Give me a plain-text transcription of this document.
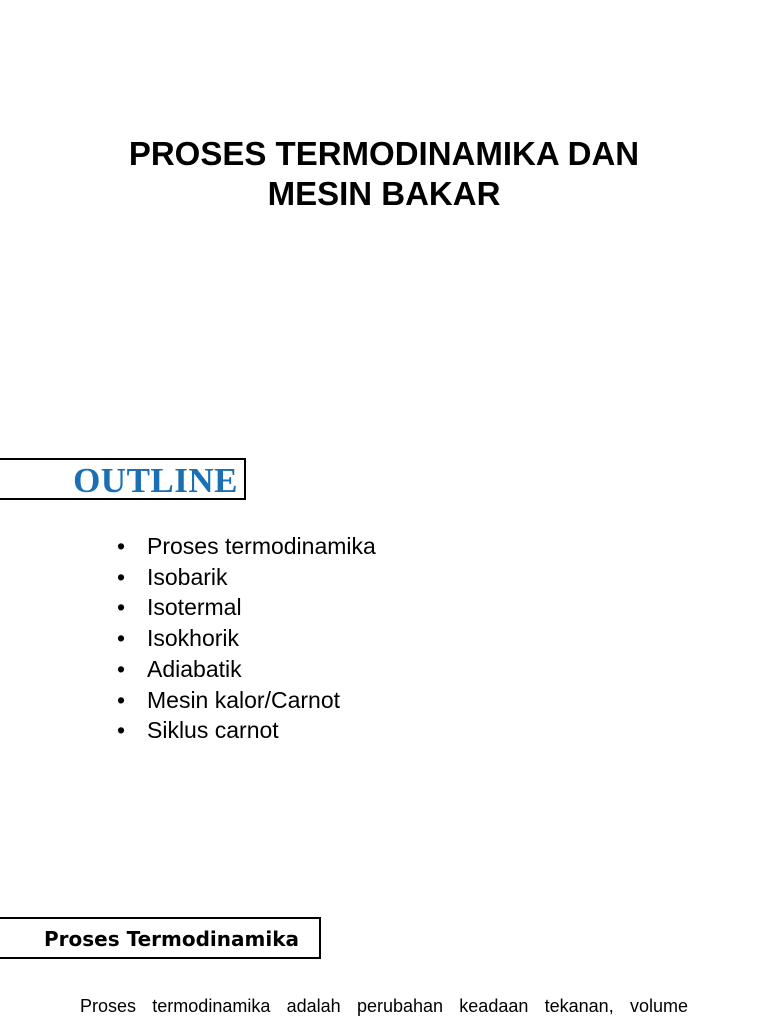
PROSES TERMODINAMIKA DAN
MESIN BAKAR
OUTLINE
• Proses termodinamika
• Isobarik
• Isotermal
• Isokhorik
• Adiabatik
• Mesin kalor/Carnot
• Siklus carnot
Proses Termodinamika
Proses termodinamika adalah perubahan keadaan tekanan, volume
